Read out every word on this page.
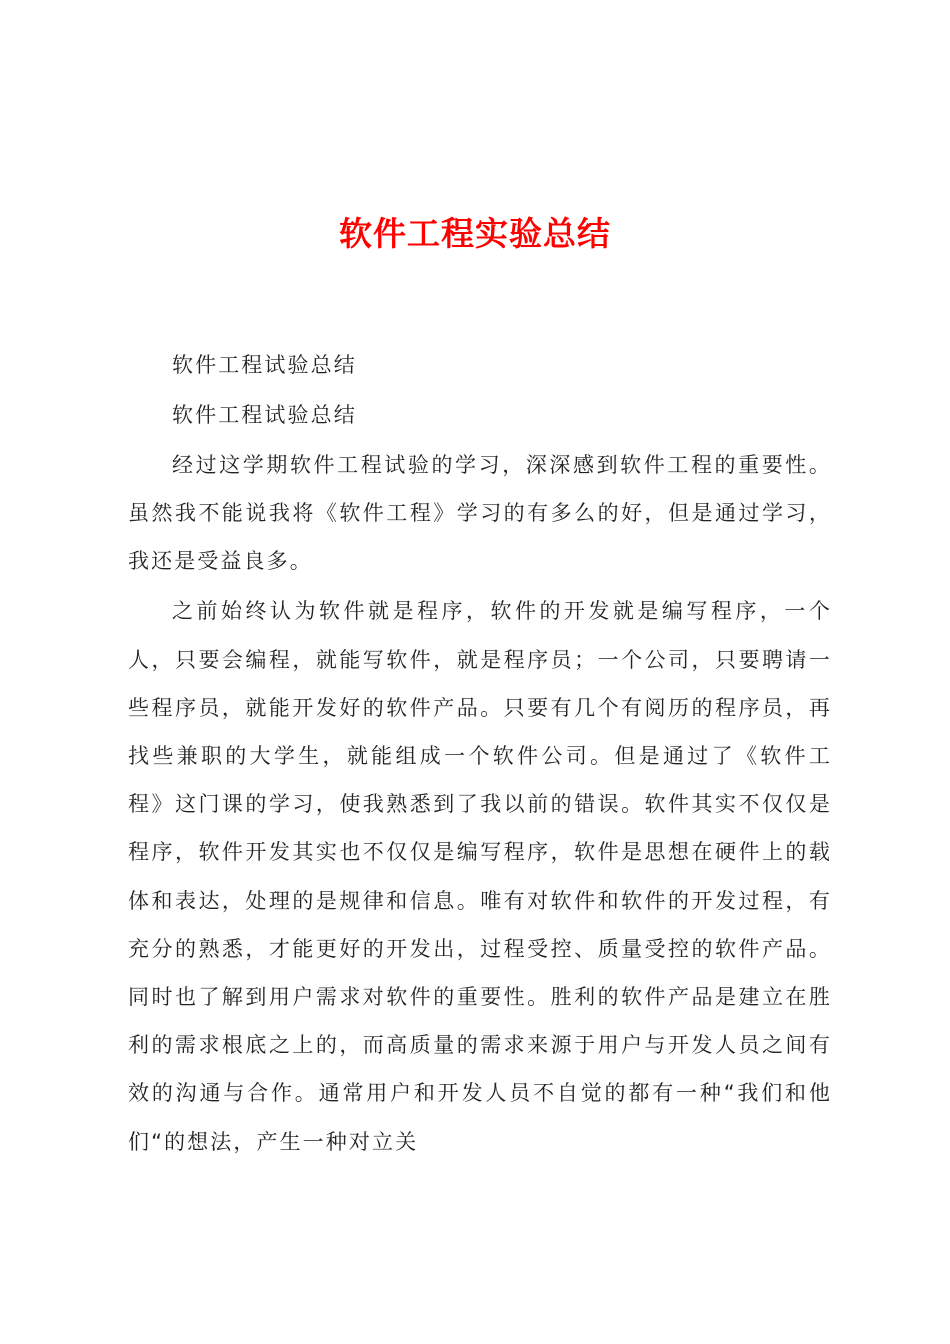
软件工程实验总结

软件工程试验总结

软件工程试验总结

经过这学期软件工程试验的学习，深深感到软件工程的重要性。虽然我不能说我将《软件工程》学习的有多么的好，但是通过学习，我还是受益良多。

之前始终认为软件就是程序，软件的开发就是编写程序，一个人，只要会编程，就能写软件，就是程序员；一个公司，只要聘请一些程序员，就能开发好的软件产品。只要有几个有阅历的程序员，再找些兼职的大学生，就能组成一个软件公司。但是通过了《软件工程》这门课的学习，使我熟悉到了我以前的错误。软件其实不仅仅是程序，软件开发其实也不仅仅是编写程序，软件是思想在硬件上的载体和表达，处理的是规律和信息。唯有对软件和软件的开发过程，有充分的熟悉，才能更好的开发出，过程受控、质量受控的软件产品。同时也了解到用户需求对软件的重要性。胜利的软件产品是建立在胜利的需求根底之上的，而高质量的需求来源于用户与开发人员之间有效的沟通与合作。通常用户和开发人员不自觉的都有一种“我们和他们“的想法，产生一种对立关
